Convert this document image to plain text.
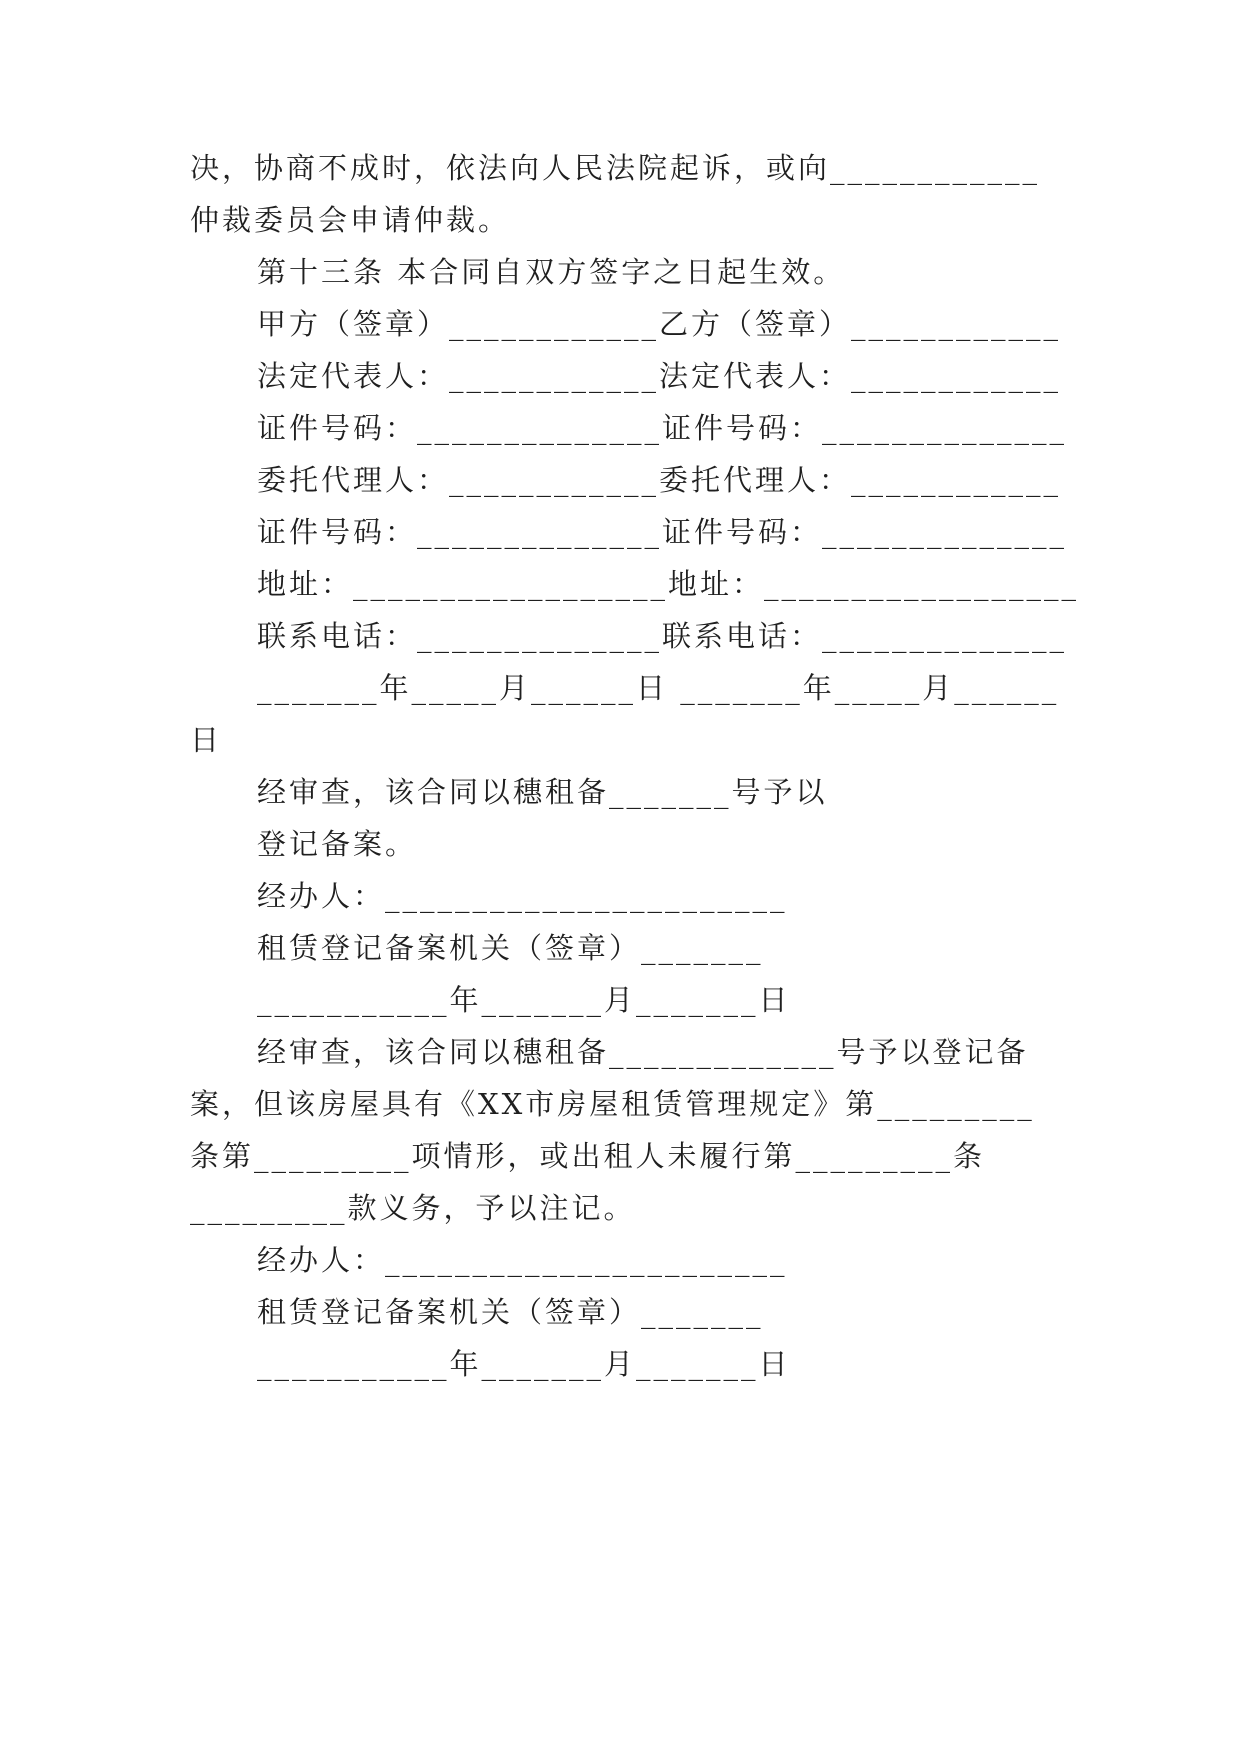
决，协商不成时，依法向人民法院起诉，或向____________
仲裁委员会申请仲裁。
第十三条 本合同自双方签字之日起生效。
甲方（签章）____________乙方（签章）____________
法定代表人：____________法定代表人：____________
证件号码：______________证件号码：______________
委托代理人：____________委托代理人：____________
证件号码：______________证件号码：______________
地址：__________________地址：__________________
联系电话：______________联系电话：______________
_______年_____月______日 _______年_____月______
日
经审查，该合同以穗租备_______号予以
登记备案。
经办人：_______________________
租赁登记备案机关（签章）_______
___________年_______月_______日
经审查，该合同以穗租备_____________号予以登记备
案，但该房屋具有《XX市房屋租赁管理规定》第_________
条第_________项情形，或出租人未履行第_________条
_________款义务，予以注记。
经办人：_______________________
租赁登记备案机关（签章）_______
___________年_______月_______日
